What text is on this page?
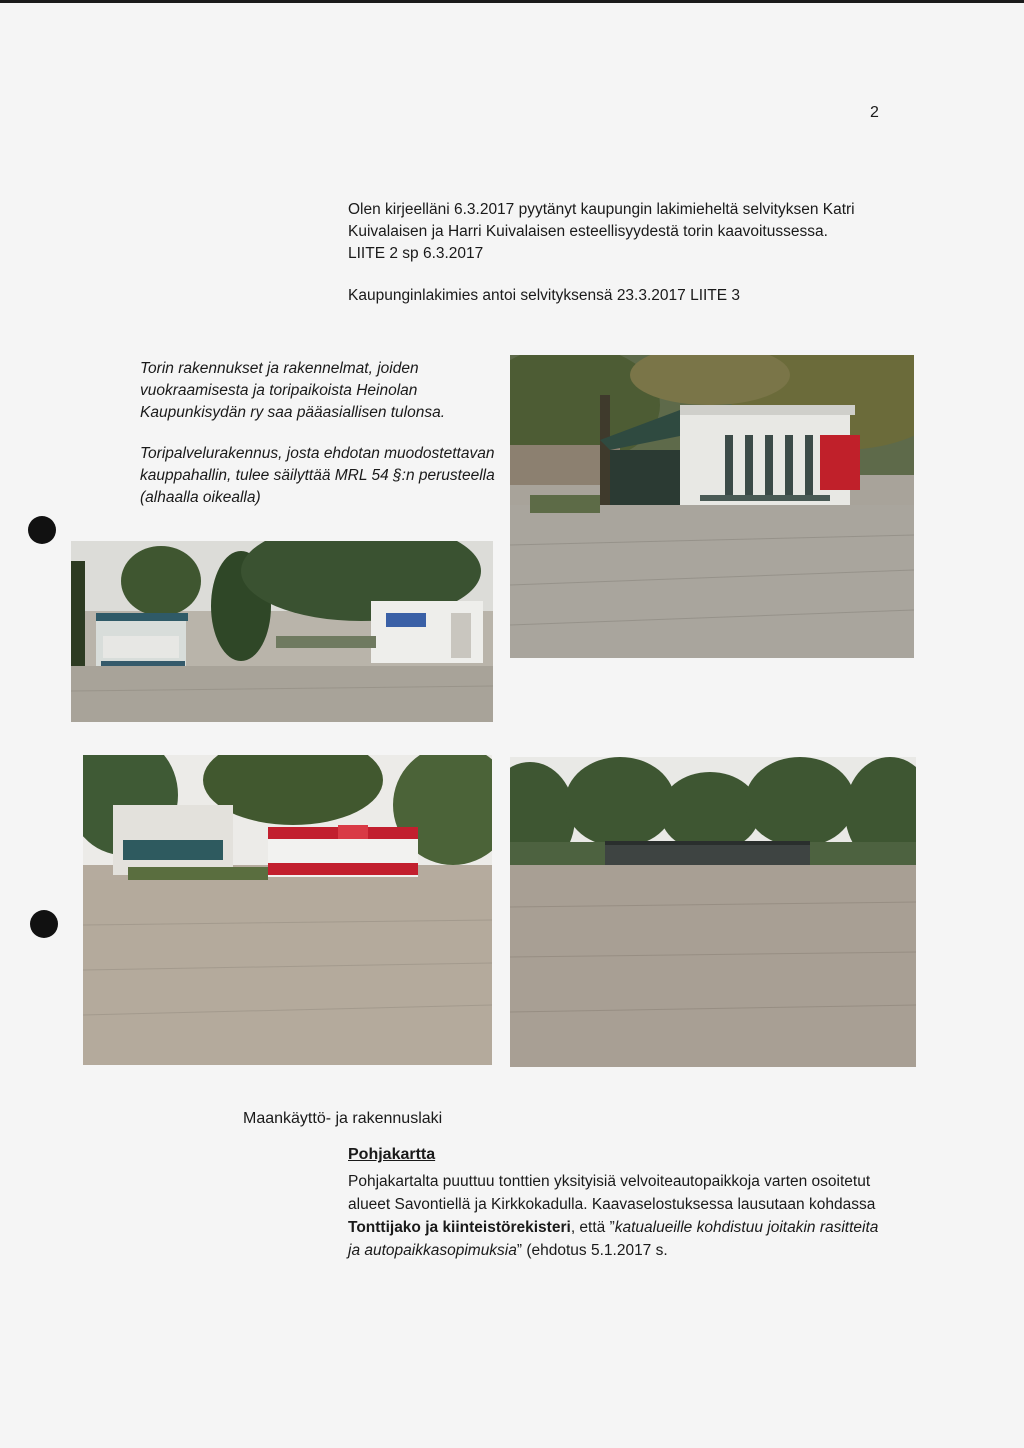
2
Olen kirjeelläni 6.3.2017 pyytänyt kaupungin lakimieheltä selvityksen Katri Kuivalaisen ja Harri Kuivalaisen esteellisyydestä torin kaavoitussessa. LIITE 2 sp 6.3.2017
Kaupunginlakimies antoi selvityksensä 23.3.2017 LIITE 3
Torin rakennukset ja rakennelmat, joiden vuokraamisesta ja toripaikoista Heinolan Kaupunkisydän ry saa pääasiallisen tulonsa.
Toripalvelurakennus, josta ehdotan muodostettavan kauppahallin, tulee säilyttää MRL 54 §:n perusteella (alhaalla oikealla)
Maankäyttö- ja rakennuslaki
Pohjakartta
Pohjakartalta puuttuu tonttien yksityisiä velvoiteautopaikkoja varten osoitetut alueet Savontiellä ja Kirkkokadulla. Kaavaselostuksessa lausutaan kohdassa Tonttijako ja kiinteistörekisteri, että ”katualueille kohdistuu joitakin rasitteita ja autopaikkasopimuksia” (ehdotus 5.1.2017 s.
